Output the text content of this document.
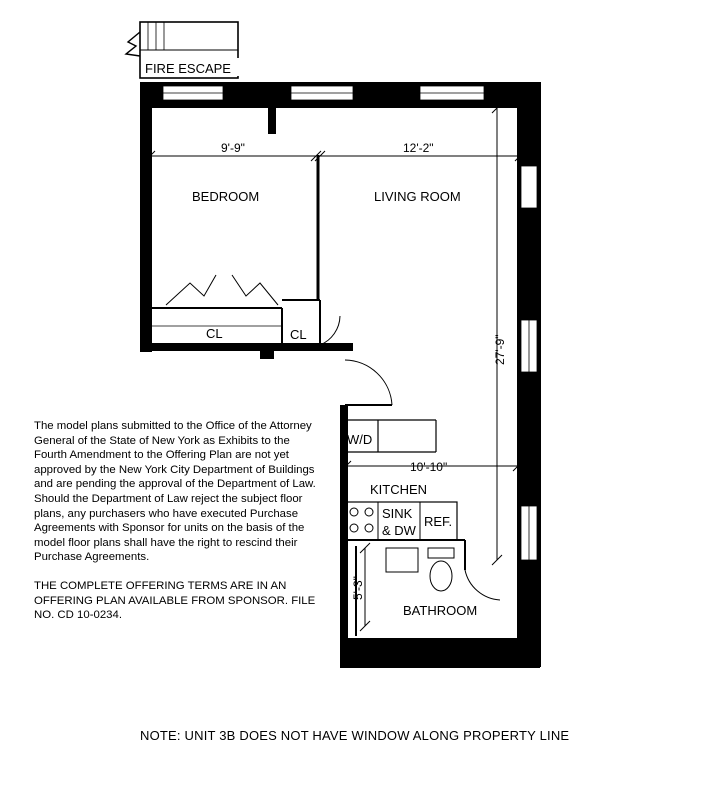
FIRE ESCAPE
9'-9"	12'-2"
BEDROOM	LIVING ROOM
CL	CL	27'-9"
W/D
10'-10"
KITCHEN
SINK
& DW
REF.
5'-3"
BATHROOM

The model plans submitted to the Office of the Attorney General of the State of New York as Exhibits to the Fourth Amendment to the Offering Plan are not yet approved by the New York City Department of Buildings and are pending the approval of the Department of Law. Should the Department of Law reject the subject floor plans, any purchasers who have executed Purchase Agreements with Sponsor for units on the basis of the model floor plans shall have the right to rescind their Purchase Agreements.

THE COMPLETE OFFERING TERMS ARE IN AN OFFERING PLAN AVAILABLE FROM SPONSOR. FILE NO. CD 10-0234.

NOTE: UNIT 3B DOES NOT HAVE WINDOW ALONG PROPERTY LINE
